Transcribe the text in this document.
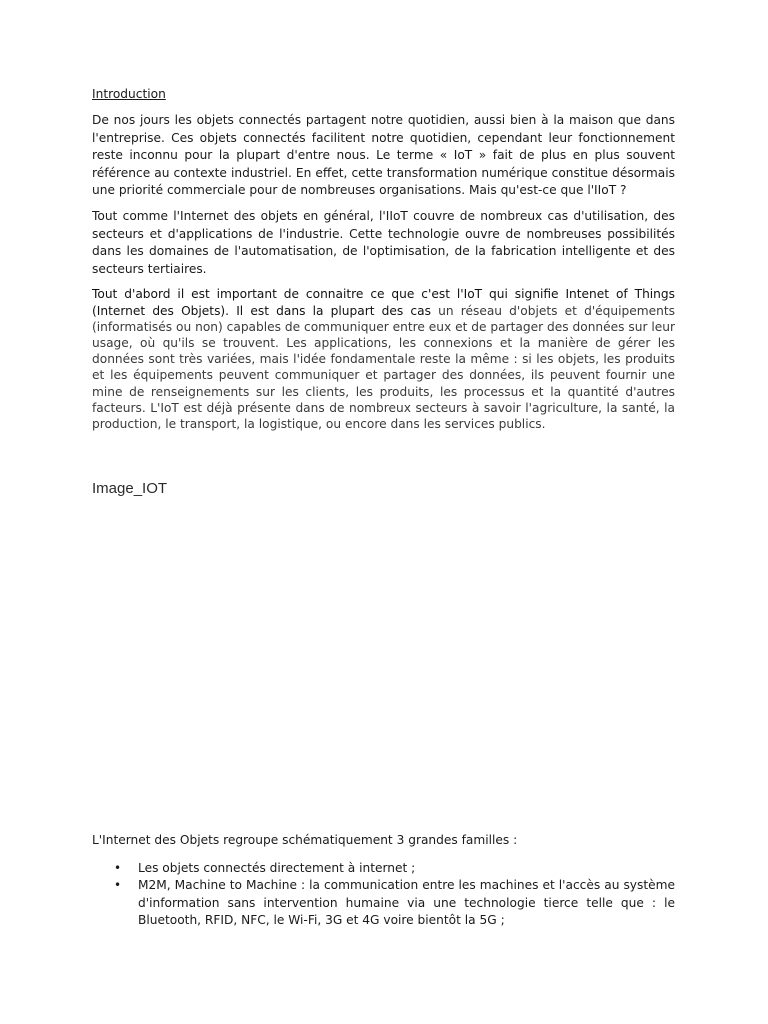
Introduction

De nos jours les objets connectés partagent notre quotidien, aussi bien à la maison que dans l'entreprise. Ces objets connectés facilitent notre quotidien, cependant leur fonctionnement reste inconnu pour la plupart d'entre nous. Le terme « IoT » fait de plus en plus souvent référence au contexte industriel. En effet, cette transformation numérique constitue désormais une priorité commerciale pour de nombreuses organisations. Mais qu'est-ce que l'IIoT ?

Tout comme l'Internet des objets en général, l'IIoT couvre de nombreux cas d'utilisation, des secteurs et d'applications de l'industrie. Cette technologie ouvre de nombreuses possibilités dans les domaines de l'automatisation, de l'optimisation, de la fabrication intelligente et des secteurs tertiaires.

Tout d'abord il est important de connaitre ce que c'est l'IoT qui signifie Intenet of Things (Internet des Objets). Il est dans la plupart des cas un réseau d'objets et d'équipements (informatisés ou non) capables de communiquer entre eux et de partager des données sur leur usage, où qu'ils se trouvent. Les applications, les connexions et la manière de gérer les données sont très variées, mais l'idée fondamentale reste la même : si les objets, les produits et les équipements peuvent communiquer et partager des données, ils peuvent fournir une mine de renseignements sur les clients, les produits, les processus et la quantité d'autres facteurs. L'IoT est déjà présente dans de nombreux secteurs à savoir l'agriculture, la santé, la production, le transport, la logistique, ou encore dans les services publics.

Image_IOT

L'Internet des Objets regroupe schématiquement 3 grandes familles :

• Les objets connectés directement à internet ;
• M2M, Machine to Machine : la communication entre les machines et l'accès au système d'information sans intervention humaine via une technologie tierce telle que : le Bluetooth, RFID, NFC, le Wi-Fi, 3G et 4G voire bientôt la 5G ;
